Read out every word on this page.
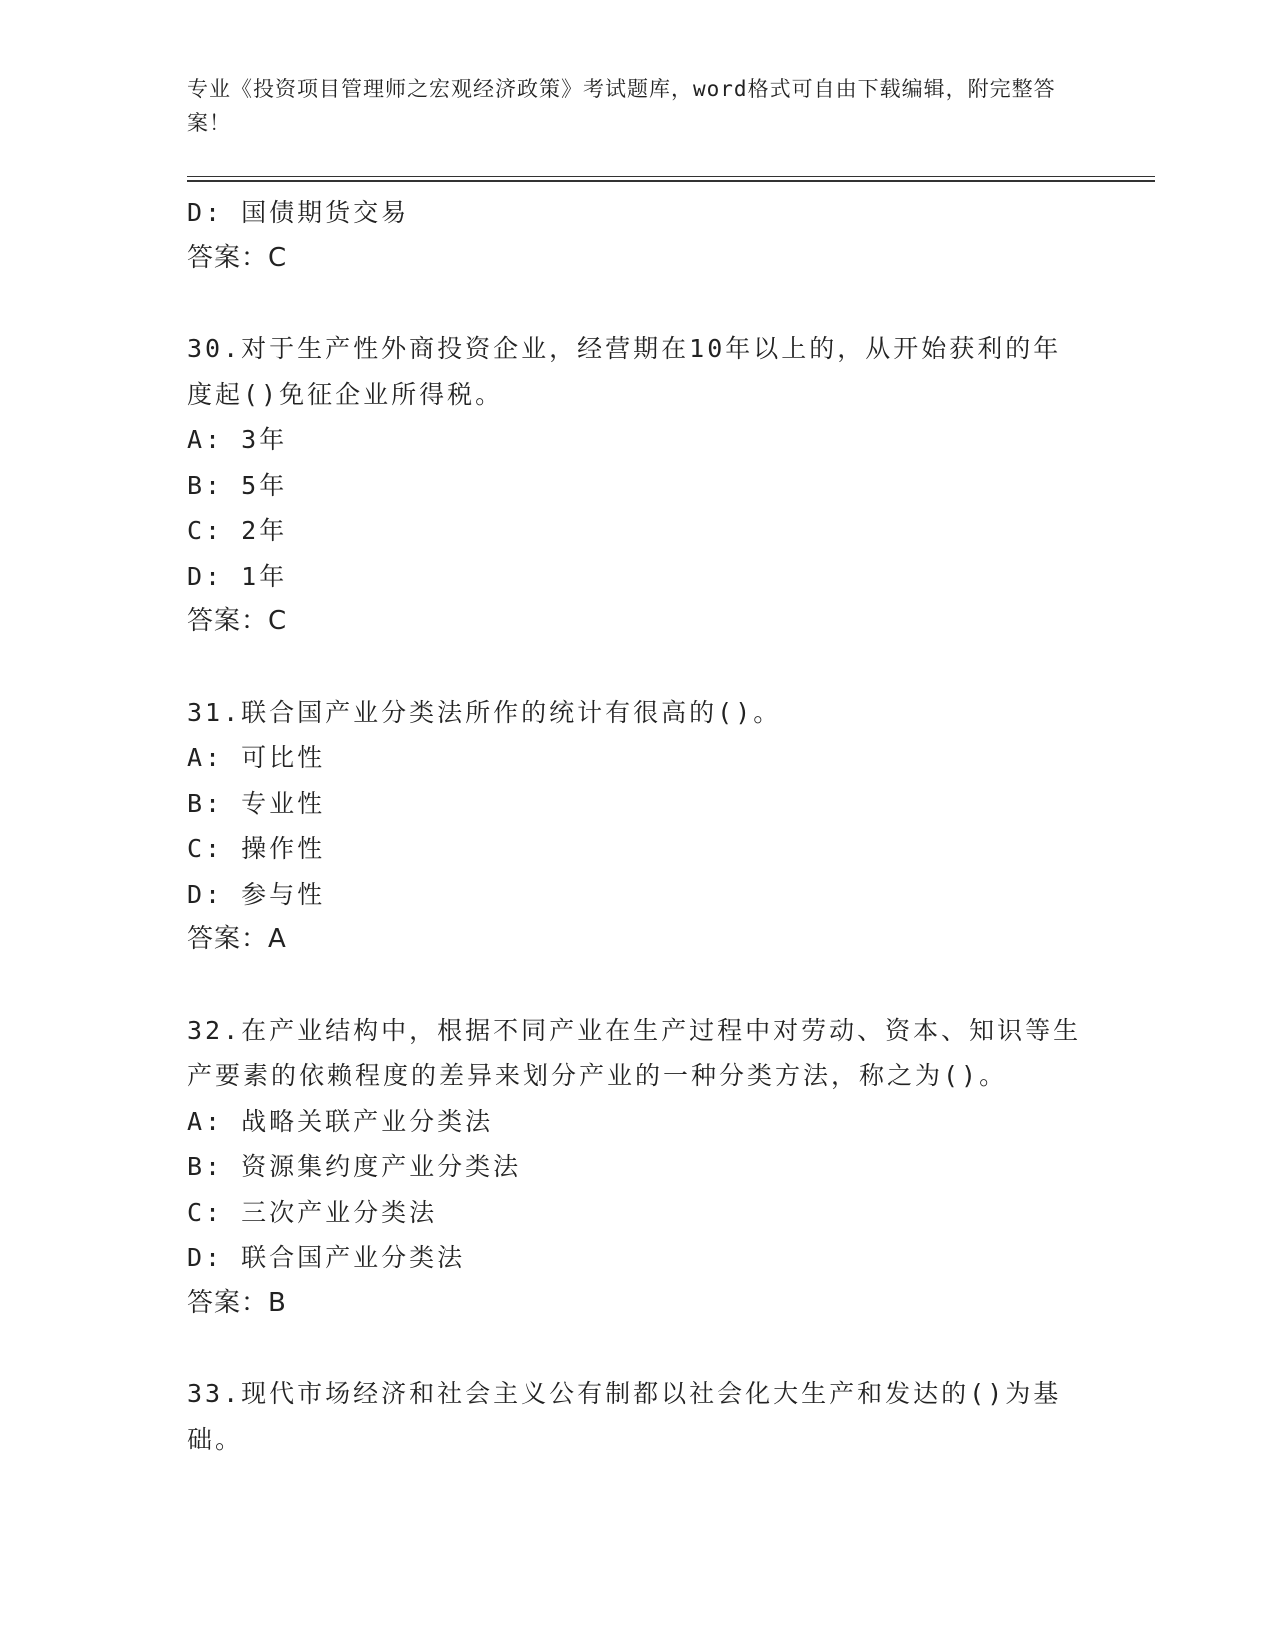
专业《投资项目管理师之宏观经济政策》考试题库，word格式可自由下载编辑，附完整答案！
D: 国债期货交易
答案：C
30.对于生产性外商投资企业，经营期在10年以上的，从开始获利的年度起()免征企业所得税。
A: 3年
B: 5年
C: 2年
D: 1年
答案：C
31.联合国产业分类法所作的统计有很高的()。
A: 可比性
B: 专业性
C: 操作性
D: 参与性
答案：A
32.在产业结构中，根据不同产业在生产过程中对劳动、资本、知识等生产要素的依赖程度的差异来划分产业的一种分类方法，称之为()。
A: 战略关联产业分类法
B: 资源集约度产业分类法
C: 三次产业分类法
D: 联合国产业分类法
答案：B
33.现代市场经济和社会主义公有制都以社会化大生产和发达的()为基础。
